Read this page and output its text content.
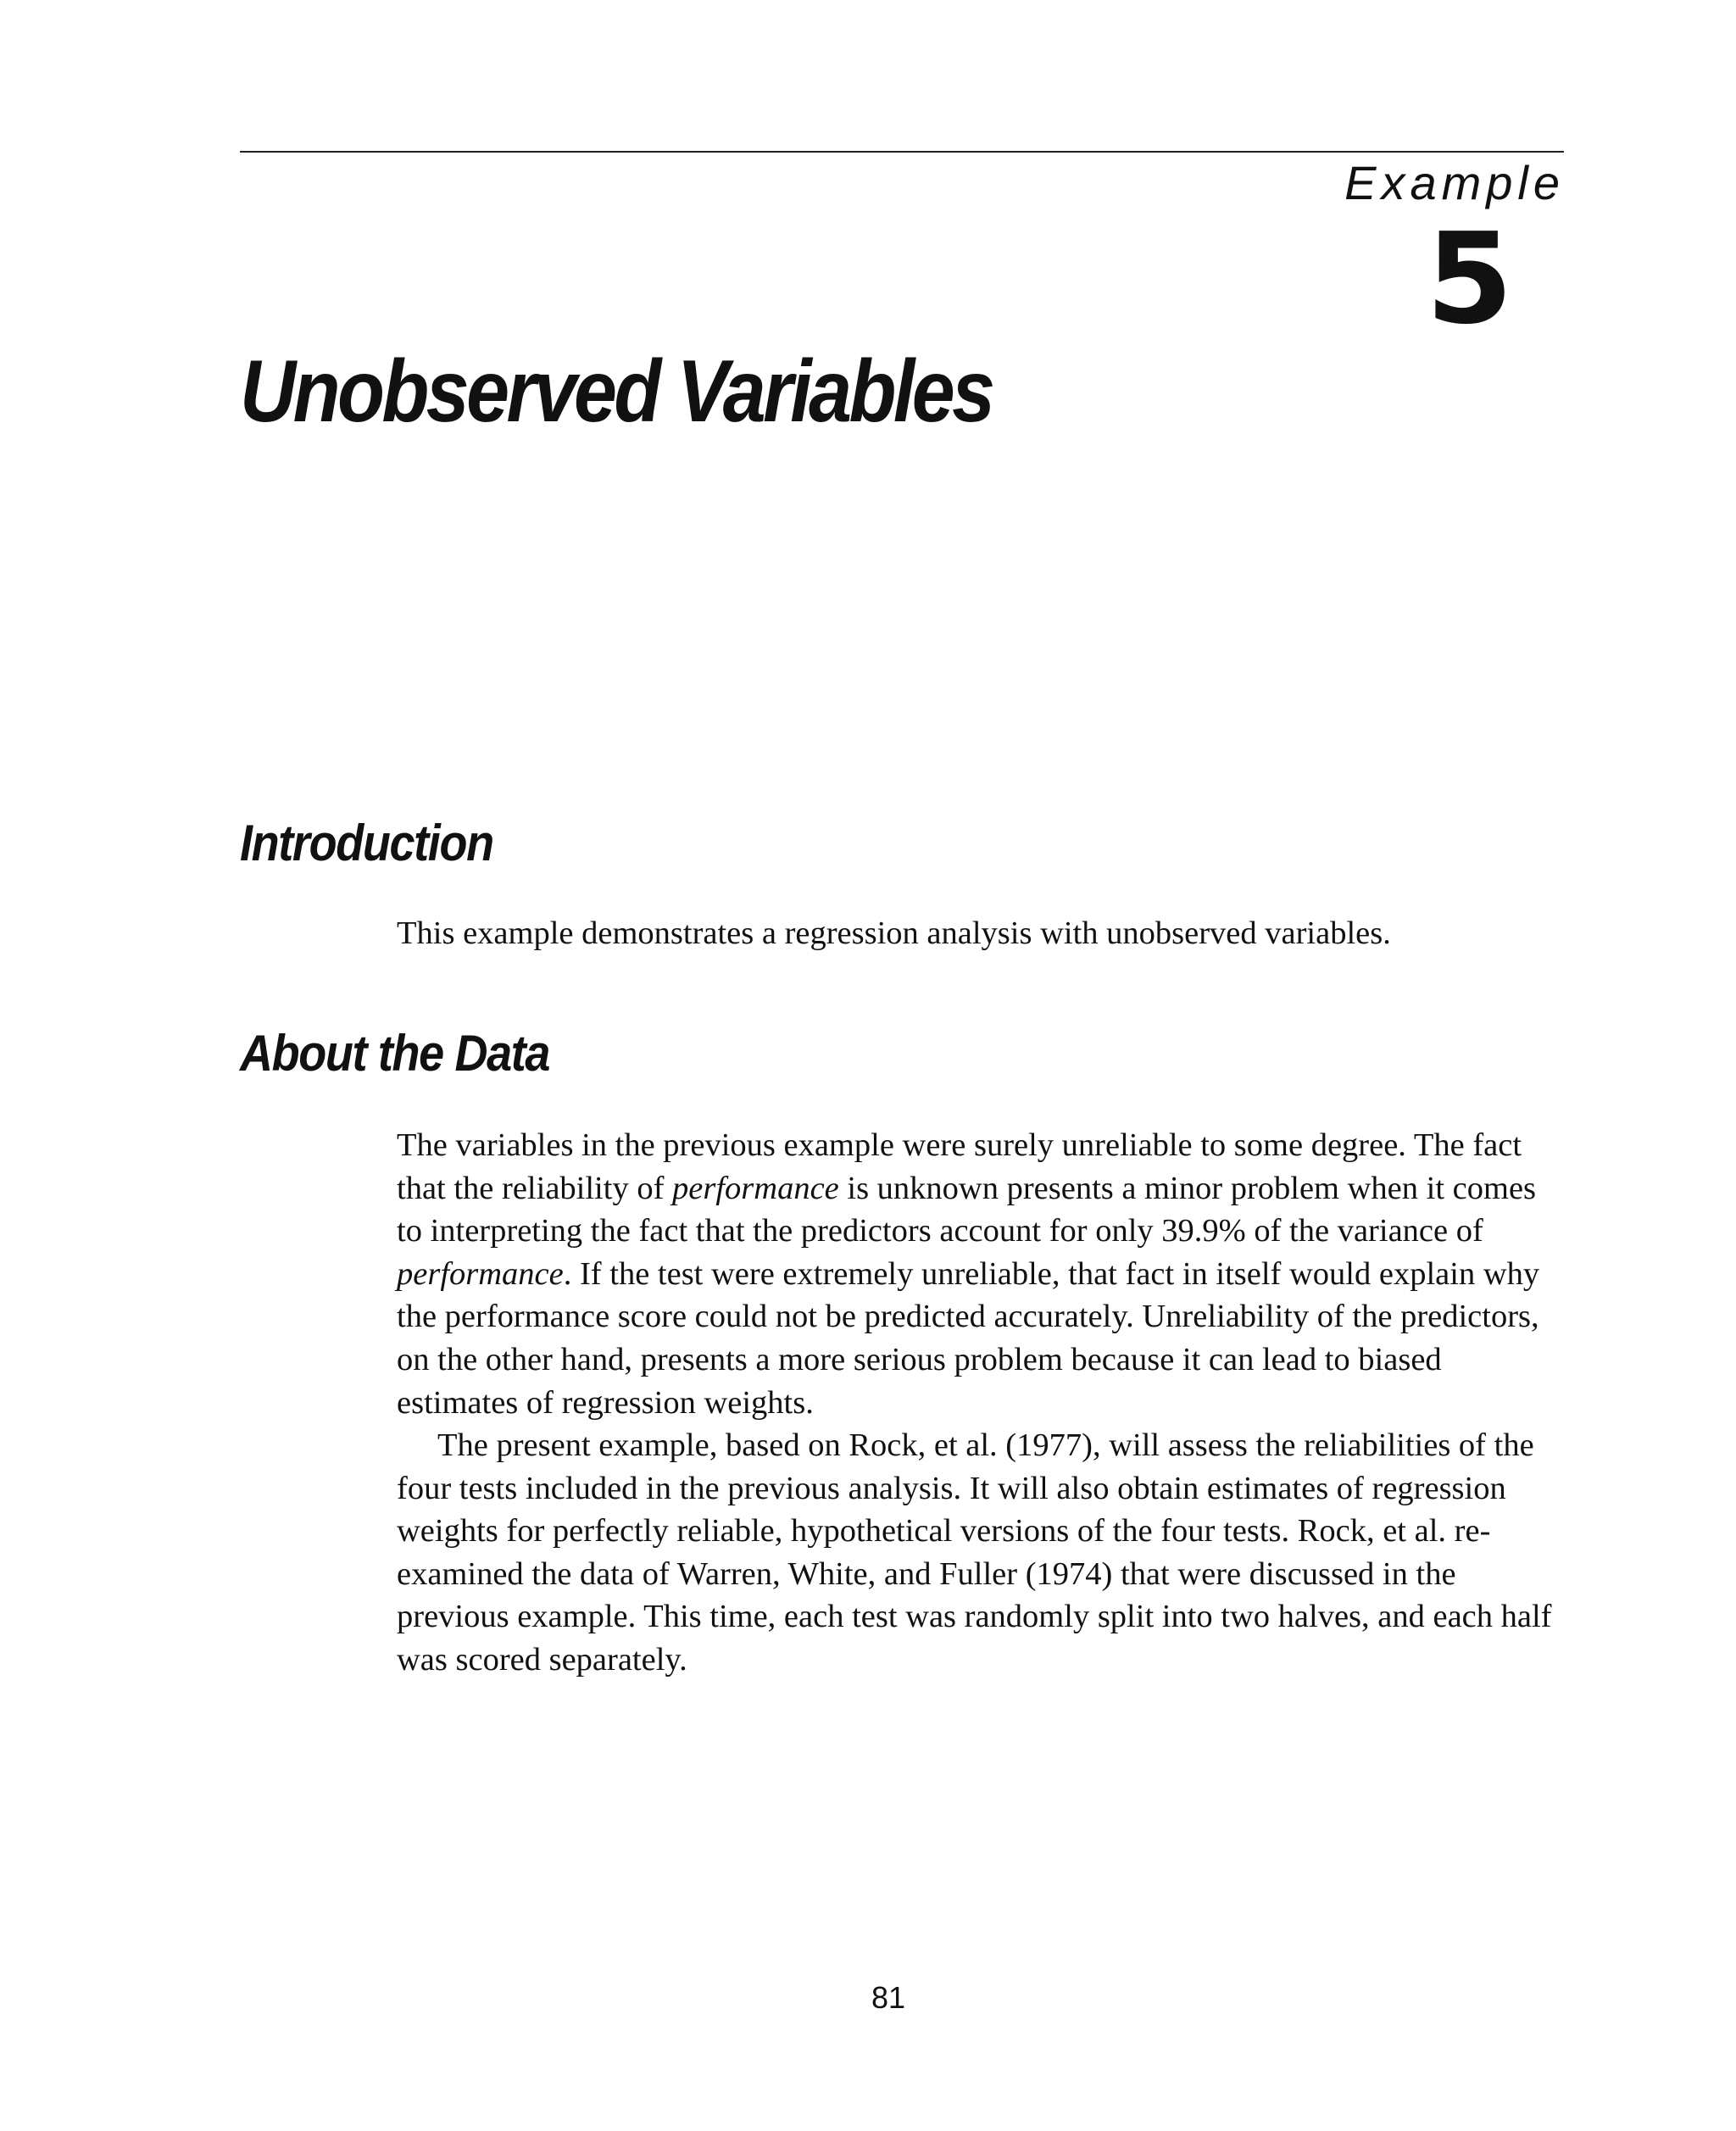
Example
5
Unobserved Variables
Introduction

This example demonstrates a regression analysis with unobserved variables.

About the Data

The variables in the previous example were surely unreliable to some degree. The fact that the reliability of performance is unknown presents a minor problem when it comes to interpreting the fact that the predictors account for only 39.9% of the variance of performance. If the test were extremely unreliable, that fact in itself would explain why the performance score could not be predicted accurately. Unreliability of the predictors, on the other hand, presents a more serious problem because it can lead to biased estimates of regression weights.

The present example, based on Rock, et al. (1977), will assess the reliabilities of the four tests included in the previous analysis. It will also obtain estimates of regression weights for perfectly reliable, hypothetical versions of the four tests. Rock, et al. re-examined the data of Warren, White, and Fuller (1974) that were discussed in the previous example. This time, each test was randomly split into two halves, and each half was scored separately.

81
